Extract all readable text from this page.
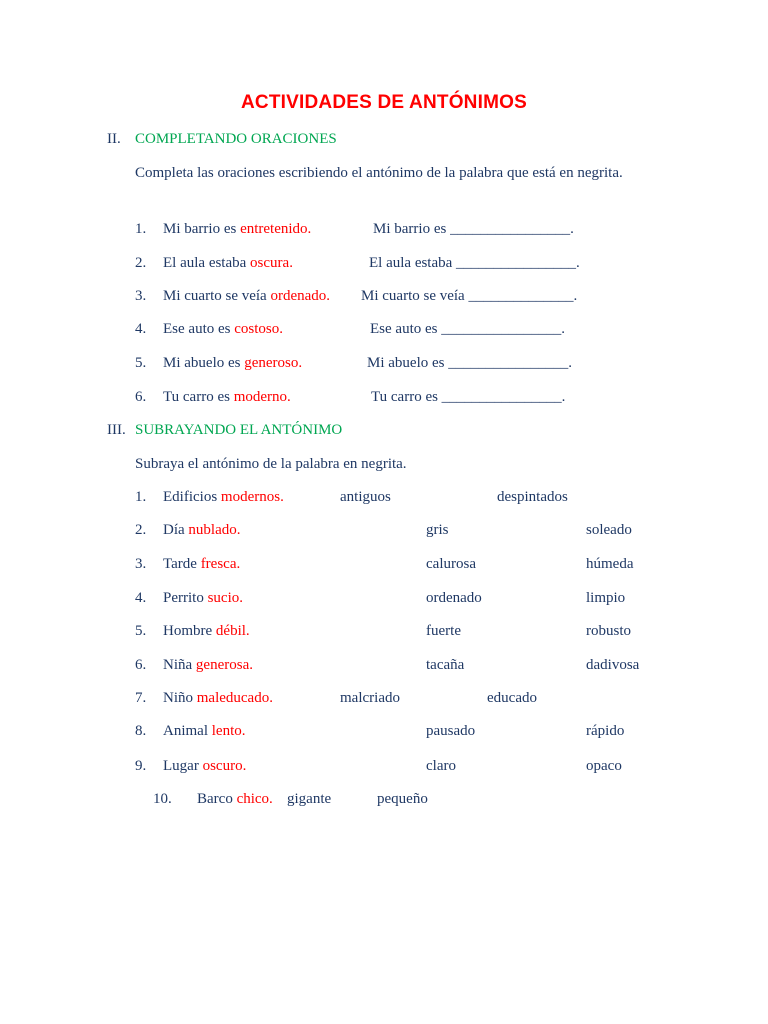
ACTIVIDADES DE ANTÓNIMOS
II. COMPLETANDO ORACIONES
Completa las oraciones escribiendo el antónimo de la palabra que está en negrita.
1. Mi barrio es entretenido.	Mi barrio es ________________.
2. El aula estaba oscura.	El aula estaba ________________.
3. Mi cuarto se veía ordenado. Mi cuarto se veía ______________.
4. Ese auto es costoso.	Ese auto es ________________.
5. Mi abuelo es generoso.	Mi abuelo es ________________.
6. Tu carro es moderno.	Tu carro es ________________.
III. SUBRAYANDO EL ANTÓNIMO
Subraya el antónimo de la palabra en negrita.
1. Edificios modernos.	antiguos	despintados
2. Día nublado.	gris	soleado
3. Tarde fresca.	calurosa	húmeda
4. Perrito sucio.	ordenado	limpio
5. Hombre débil.	fuerte	robusto
6. Niña generosa.	tacaña	dadivosa
7. Niño maleducado.	malcriado	educado
8. Animal lento.	pausado	rápido
9. Lugar oscuro.	claro	opaco
10. Barco chico. gigante	pequeño
